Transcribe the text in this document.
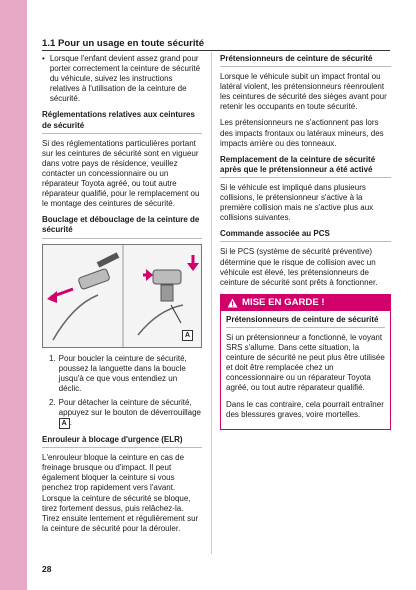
1.1 Pour un usage en toute sécurité
• Lorsque l'enfant devient assez grand pour porter correctement la ceinture de sécurité du véhicule, suivez les instructions relatives à l'utilisation de la ceinture de sécurité.
Réglementations relatives aux ceintures de sécurité

Si des réglementations particulières portant sur les ceintures de sécurité sont en vigueur dans votre pays de résidence, veuillez contacter un concessionnaire ou un réparateur Toyota agréé, ou tout autre réparateur qualifié, pour le remplacement ou le montage des ceintures de sécurité.

Bouclage et débouclage de la ceinture de sécurité
A
1. Pour boucler la ceinture de sécurité, poussez la languette dans la boucle jusqu'à ce que vous entendiez un déclic.
2. Pour détacher la ceinture de sécurité, appuyez sur le bouton de déverrouillage A .
Enrouleur à blocage d'urgence (ELR)

L'enrouleur bloque la ceinture en cas de freinage brusque ou d'impact. Il peut également bloquer la ceinture si vous penchez trop rapidement vers l'avant. Lorsque la ceinture de sécurité se bloque, tirez fortement dessus, puis relâchez-la. Tirez ensuite lentement et régulièrement sur la ceinture de sécurité pour la dérouler.

Prétensionneurs de ceinture de sécurité

Lorsque le véhicule subit un impact frontal ou latéral violent, les prétensionneurs réenroulent les ceintures de sécurité des sièges avant pour retenir les occupants en toute sécurité.

Les prétensionneurs ne s'actionnent pas lors des impacts frontaux ou latéraux mineurs, des impacts arrière ou des tonneaux.

Remplacement de la ceinture de sécurité après que le prétensionneur a été activé

Si le véhicule est impliqué dans plusieurs collisions, le prétensionneur s'active à la première collision mais ne s'active plus aux collisions suivantes.

Commande associée au PCS

Si le PCS (système de sécurité préventive) détermine que le risque de collision avec un véhicule est élevé, les prétensionneurs de ceinture de sécurité sont prêts à fonctionner.

MISE EN GARDE !
Prétensionneurs de ceinture de sécurité

Si un prétensionneur a fonctionné, le voyant SRS s'allume. Dans cette situation, la ceinture de sécurité ne peut plus être utilisée et doit être remplacée chez un concessionnaire ou un réparateur Toyota agréé, ou tout autre réparateur qualifié.

Dans le cas contraire, cela pourrait entraîner des blessures graves, voire mortelles.

28
